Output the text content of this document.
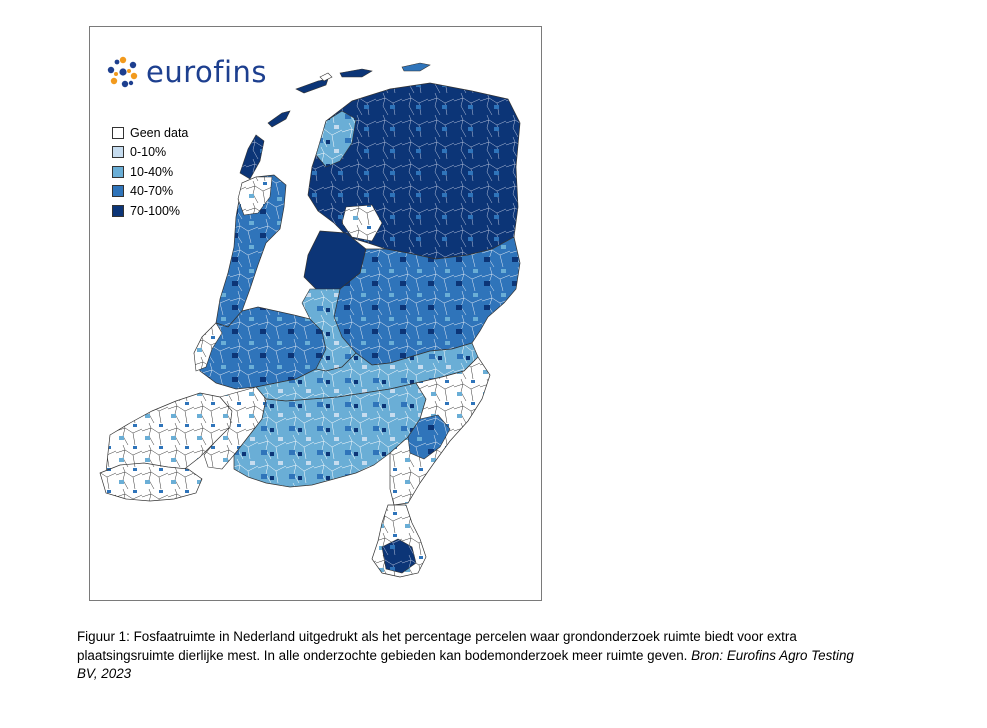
eurofins
Geen data
0-10%
10-40%
40-70%
70-100%
Figuur 1: Fosfaatruimte in Nederland uitgedrukt als het percentage percelen waar grondonderzoek ruimte biedt voor extra plaatsingsruimte dierlijke mest. In alle onderzochte gebieden kan bodemonderzoek meer ruimte geven. Bron: Eurofins Agro Testing BV, 2023
